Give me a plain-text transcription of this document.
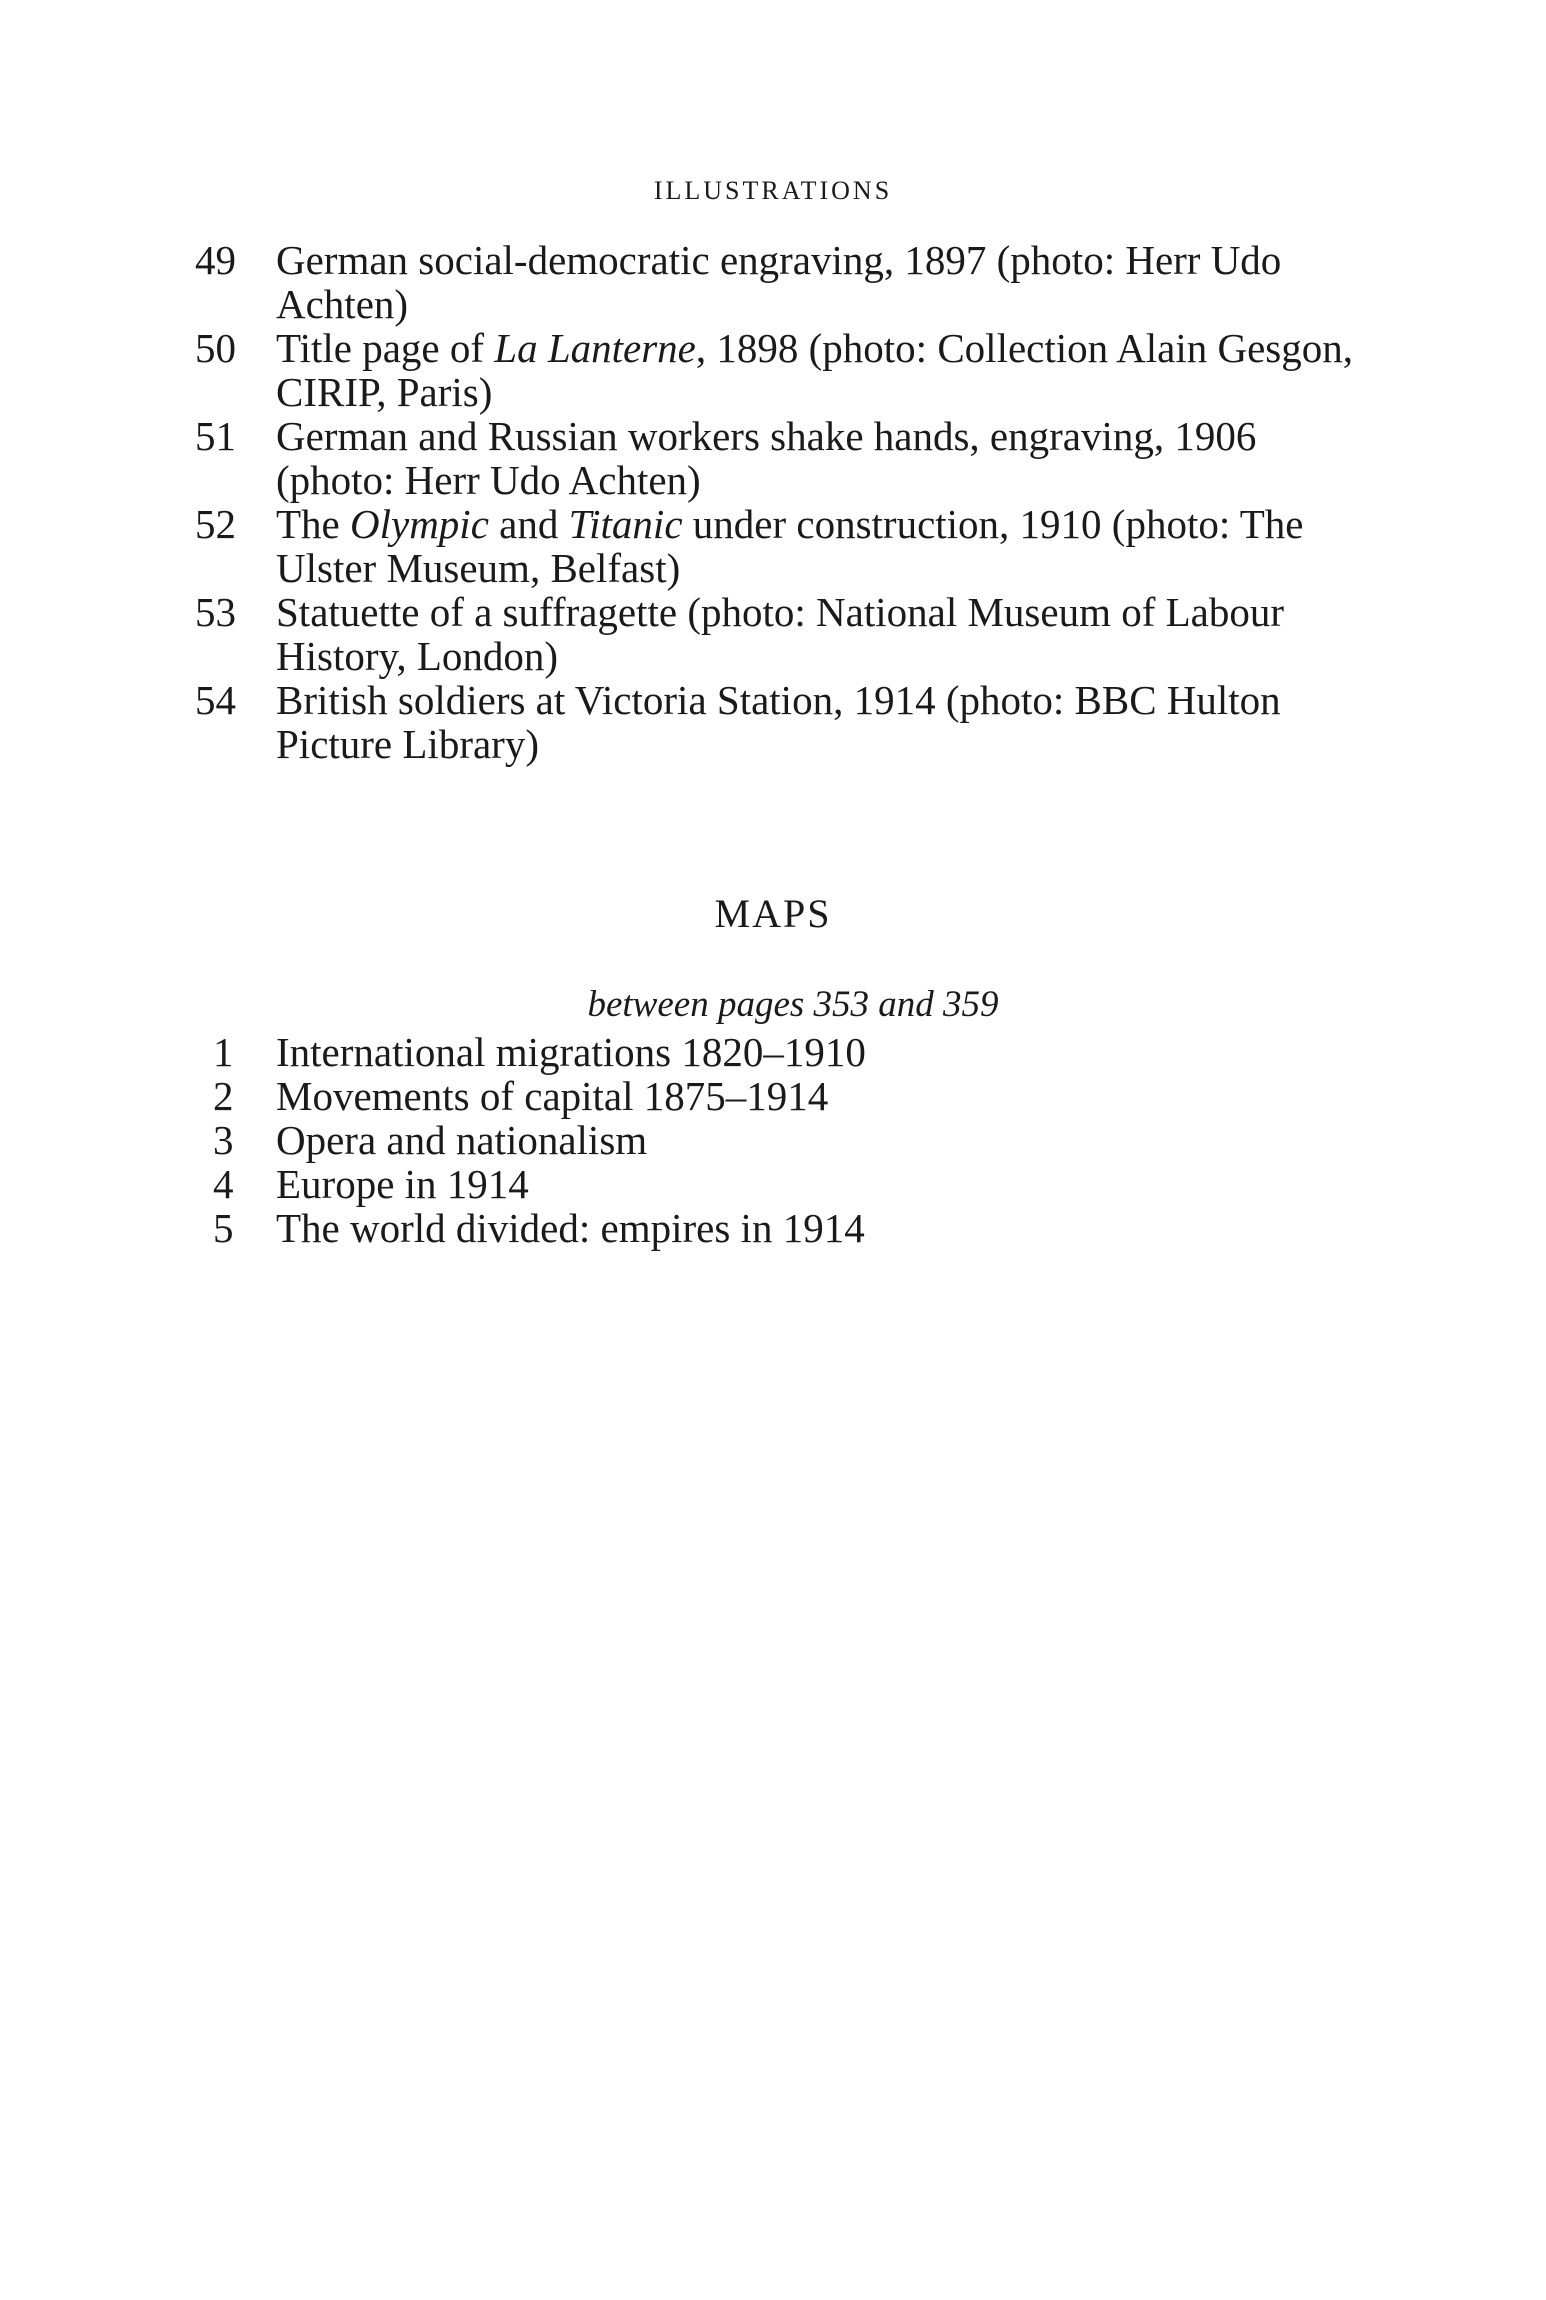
ILLUSTRATIONS
49 German social-democratic engraving, 1897 (photo: Herr Udo Achten)
50 Title page of La Lanterne, 1898 (photo: Collection Alain Gesgon, CIRIP, Paris)
51 German and Russian workers shake hands, engraving, 1906 (photo: Herr Udo Achten)
52 The Olympic and Titanic under construction, 1910 (photo: The Ulster Museum, Belfast)
53 Statuette of a suffragette (photo: National Museum of Labour History, London)
54 British soldiers at Victoria Station, 1914 (photo: BBC Hulton Picture Library)
MAPS
between pages 353 and 359
1 International migrations 1820–1910
2 Movements of capital 1875–1914
3 Opera and nationalism
4 Europe in 1914
5 The world divided: empires in 1914
